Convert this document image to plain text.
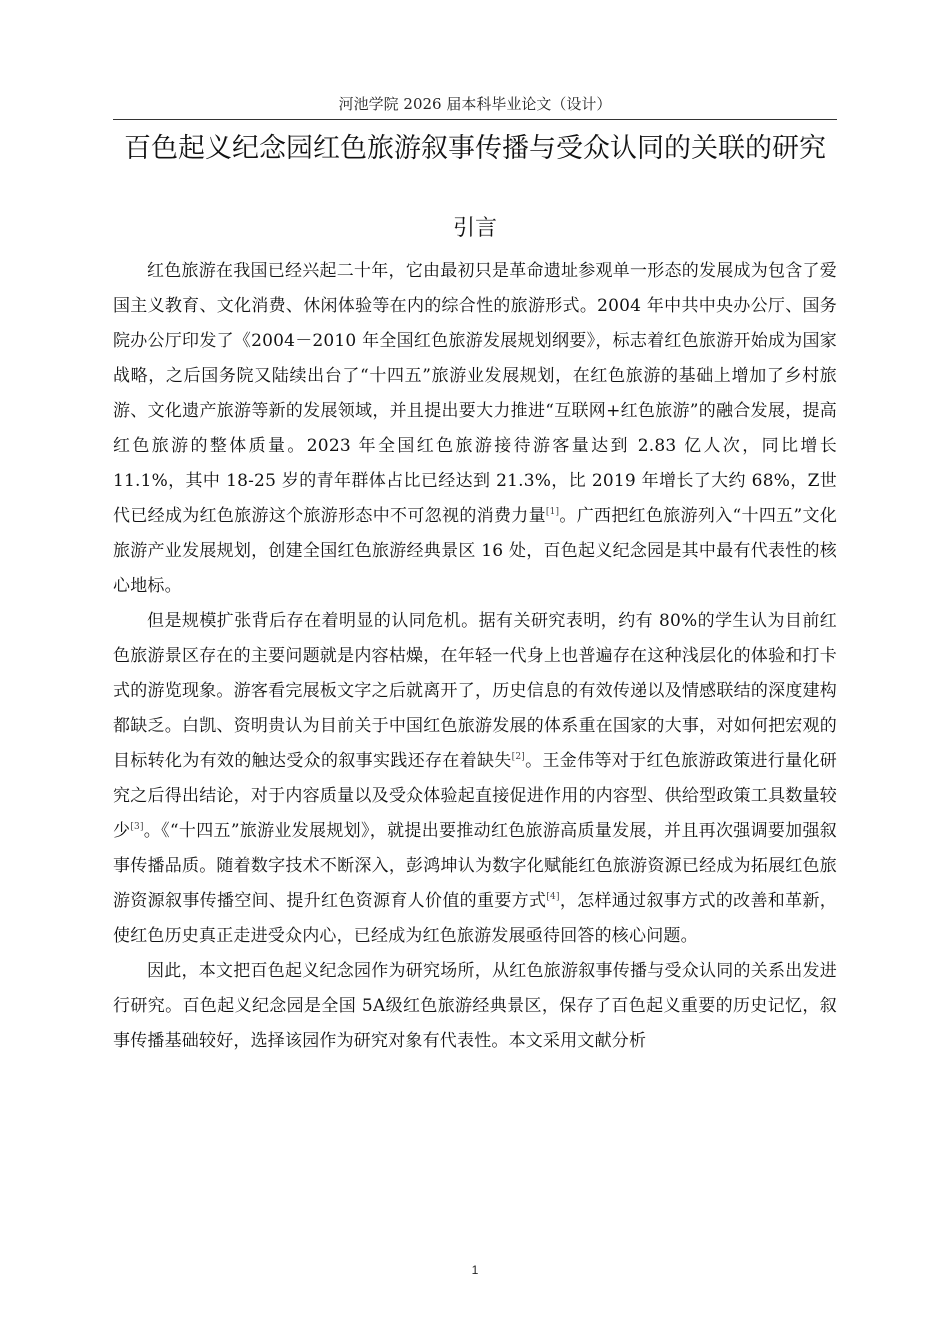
河池学院 2026 届本科毕业论文（设计）
百色起义纪念园红色旅游叙事传播与受众认同的关联的研究
引言

红色旅游在我国已经兴起二十年，它由最初只是革命遗址参观单一形态的发展成为包含了爱国主义教育、文化消费、休闲体验等在内的综合性的旅游形式。2004 年中共中央办公厅、国务院办公厅印发了《2004－2010 年全国红色旅游发展规划纲要》，标志着红色旅游开始成为国家战略，之后国务院又陆续出台了“十四五”旅游业发展规划，在红色旅游的基础上增加了乡村旅游、文化遗产旅游等新的发展领域，并且提出要大力推进“互联网+红色旅游”的融合发展，提高红色旅游的整体质量。2023 年全国红色旅游接待游客量达到 2.83 亿人次，同比增长 11.1%，其中 18-25 岁的青年群体占比已经达到 21.3%，比 2019 年增长了大约 68%，Z世代已经成为红色旅游这个旅游形态中不可忽视的消费力量[1]。广西把红色旅游列入“十四五”文化旅游产业发展规划，创建全国红色旅游经典景区 16 处，百色起义纪念园是其中最有代表性的核心地标。

但是规模扩张背后存在着明显的认同危机。据有关研究表明，约有 80%的学生认为目前红色旅游景区存在的主要问题就是内容枯燥，在年轻一代身上也普遍存在这种浅层化的体验和打卡式的游览现象。游客看完展板文字之后就离开了，历史信息的有效传递以及情感联结的深度建构都缺乏。白凯、资明贵认为目前关于中国红色旅游发展的体系重在国家的大事，对如何把宏观的目标转化为有效的触达受众的叙事实践还存在着缺失[2]。王金伟等对于红色旅游政策进行量化研究之后得出结论，对于内容质量以及受众体验起直接促进作用的内容型、供给型政策工具数量较少[3]。《“十四五”旅游业发展规划》，就提出要推动红色旅游高质量发展，并且再次强调要加强叙事传播品质。随着数字技术不断深入，彭鸿坤认为数字化赋能红色旅游资源已经成为拓展红色旅游资源叙事传播空间、提升红色资源育人价值的重要方式[4]，怎样通过叙事方式的改善和革新，使红色历史真正走进受众内心，已经成为红色旅游发展亟待回答的核心问题。

因此，本文把百色起义纪念园作为研究场所，从红色旅游叙事传播与受众认同的关系出发进行研究。百色起义纪念园是全国 5A级红色旅游经典景区，保存了百色起义重要的历史记忆，叙事传播基础较好，选择该园作为研究对象有代表性。本文采用文献分析

1
